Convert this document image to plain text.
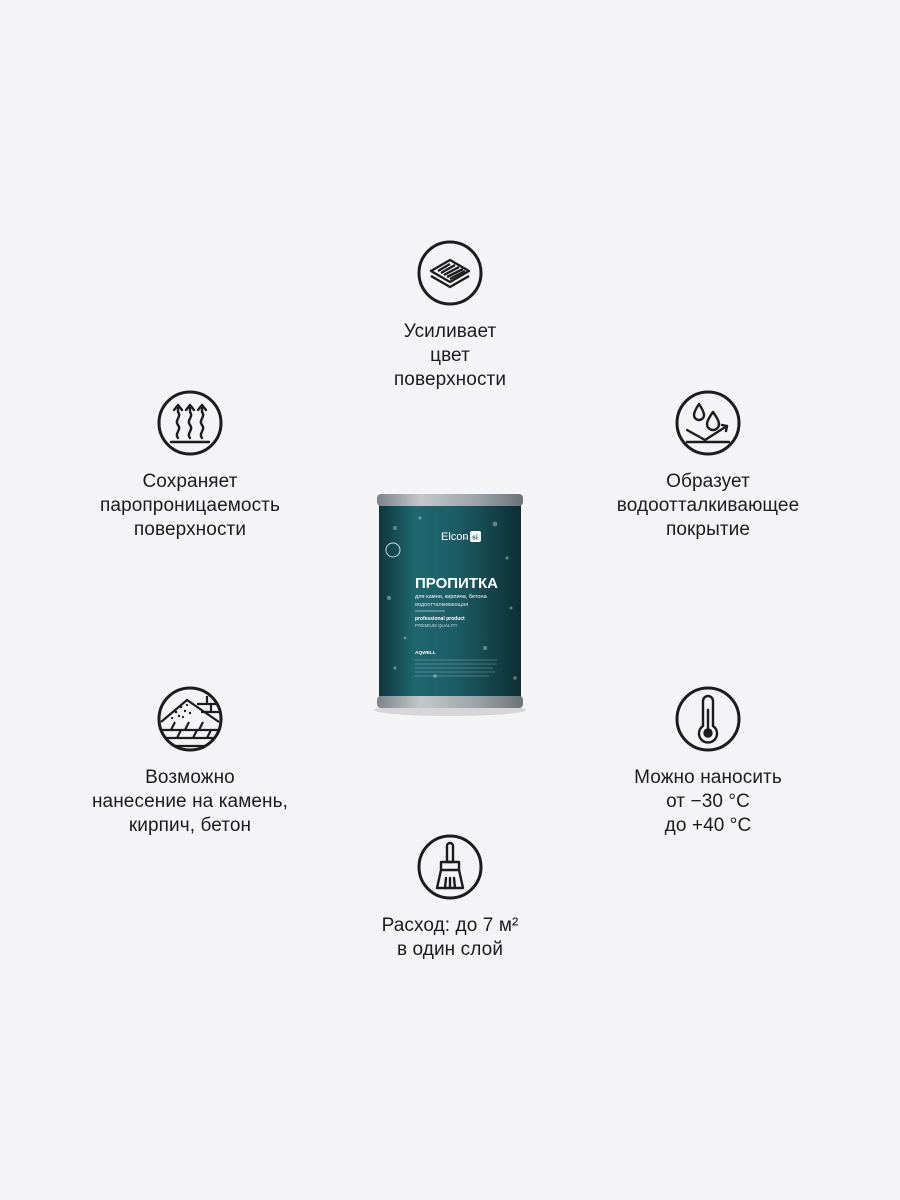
Усиливает
цвет
поверхности
Сохраняет
паропроницаемость
поверхности
Образует
водоотталкивающее
покрытие
Возможно
нанесение на камень,
кирпич, бетон
Можно наносить
от −30 °С
до +40 °С
Расход: до 7 м²
в один слой
Elcon si
ПРОПИТКА
для камня, кирпича, бетона
водоотталкивающая
professional product
PREMIUM QUALITY
AQWELL
